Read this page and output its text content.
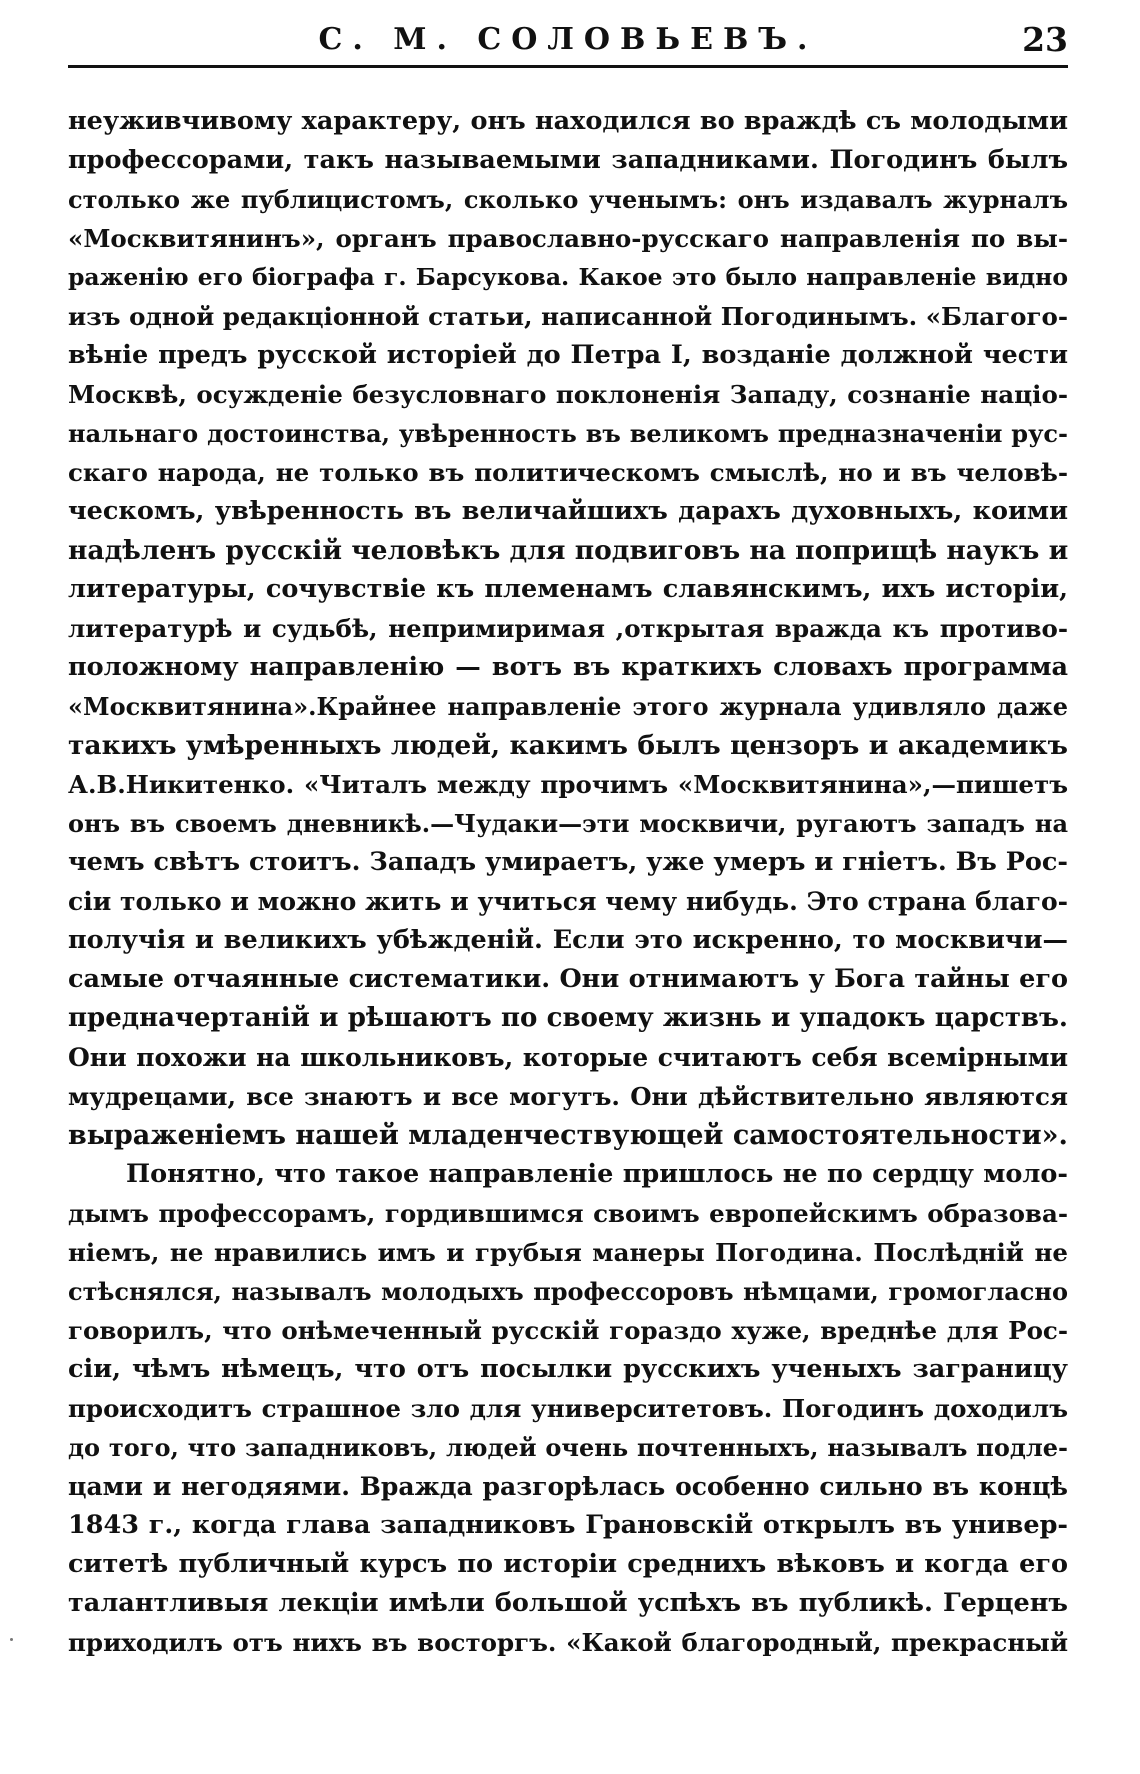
С. М. СОЛОВЬЕВЪ.	23
неуживчивому характеру, онъ находился во враждѣ съ молодыми
профессорами, такъ называемыми западниками. Погодинъ былъ
столько же публицистомъ, сколько ученымъ: онъ издавалъ журналъ
«Москвитянинъ», органъ православно-русскаго направленія по вы-
раженію его біографа г. Барсукова. Какое это было направленіе видно
изъ одной редакціонной статьи, написанной Погодинымъ. «Благого-
вѣніе предъ русской исторіей до Петра I, возданіе должной чести
Москвѣ, осужденіе безусловнаго поклоненія Западу, сознаніе націо-
нальнаго достоинства, увѣренность въ великомъ предназначеніи рус-
скаго народа, не только въ политическомъ смыслѣ, но и въ человѣ-
ческомъ, увѣренность въ величайшихъ дарахъ духовныхъ, коими
надѣленъ русскій человѣкъ для подвиговъ на поприщѣ наукъ и
литературы, сочувствіе къ племенамъ славянскимъ, ихъ исторіи,
литературѣ и судьбѣ, непримиримая ,открытая вражда къ противо-
положному направленію — вотъ въ краткихъ словахъ программа
«Москвитянина».Крайнее направленіе этого журнала удивляло даже
такихъ умѣренныхъ людей, какимъ былъ цензоръ и академикъ
А.В.Никитенко. «Читалъ между прочимъ «Москвитянина»,—пишетъ
онъ въ своемъ дневникѣ.—Чудаки—эти москвичи, ругаютъ западъ на
чемъ свѣтъ стоитъ. Западъ умираетъ, уже умеръ и гніетъ. Въ Рос-
сіи только и можно жить и учиться чему нибудь. Это страна благо-
получія и великихъ убѣжденій. Если это искренно, то москвичи—
самые отчаянные систематики. Они отнимаютъ у Бога тайны его
предначертаній и рѣшаютъ по своему жизнь и упадокъ царствъ.
Они похожи на школьниковъ, которые считаютъ себя всемірными
мудрецами, все знаютъ и все могутъ. Они дѣйствительно являются
выраженіемъ нашей младенчествующей самостоятельности».
Понятно, что такое направленіе пришлось не по сердцу моло-
дымъ профессорамъ, гордившимся своимъ европейскимъ образова-
ніемъ, не нравились имъ и грубыя манеры Погодина. Послѣдній не
стѣснялся, называлъ молодыхъ профессоровъ нѣмцами, громогласно
говорилъ, что онѣмеченный русскій гораздо хуже, вреднѣе для Рос-
сіи, чѣмъ нѣмецъ, что отъ посылки русскихъ ученыхъ заграницу
происходитъ страшное зло для университетовъ. Погодинъ доходилъ
до того, что западниковъ, людей очень почтенныхъ, называлъ подле-
цами и негодяями. Вражда разгорѣлась особенно сильно въ концѣ
1843 г., когда глава западниковъ Грановскій открылъ въ универ-
ситетѣ публичный курсъ по исторіи среднихъ вѣковъ и когда его
талантливыя лекціи имѣли большой успѣхъ въ публикѣ. Герценъ
приходилъ отъ нихъ въ восторгъ. «Какой благородный, прекрасный
